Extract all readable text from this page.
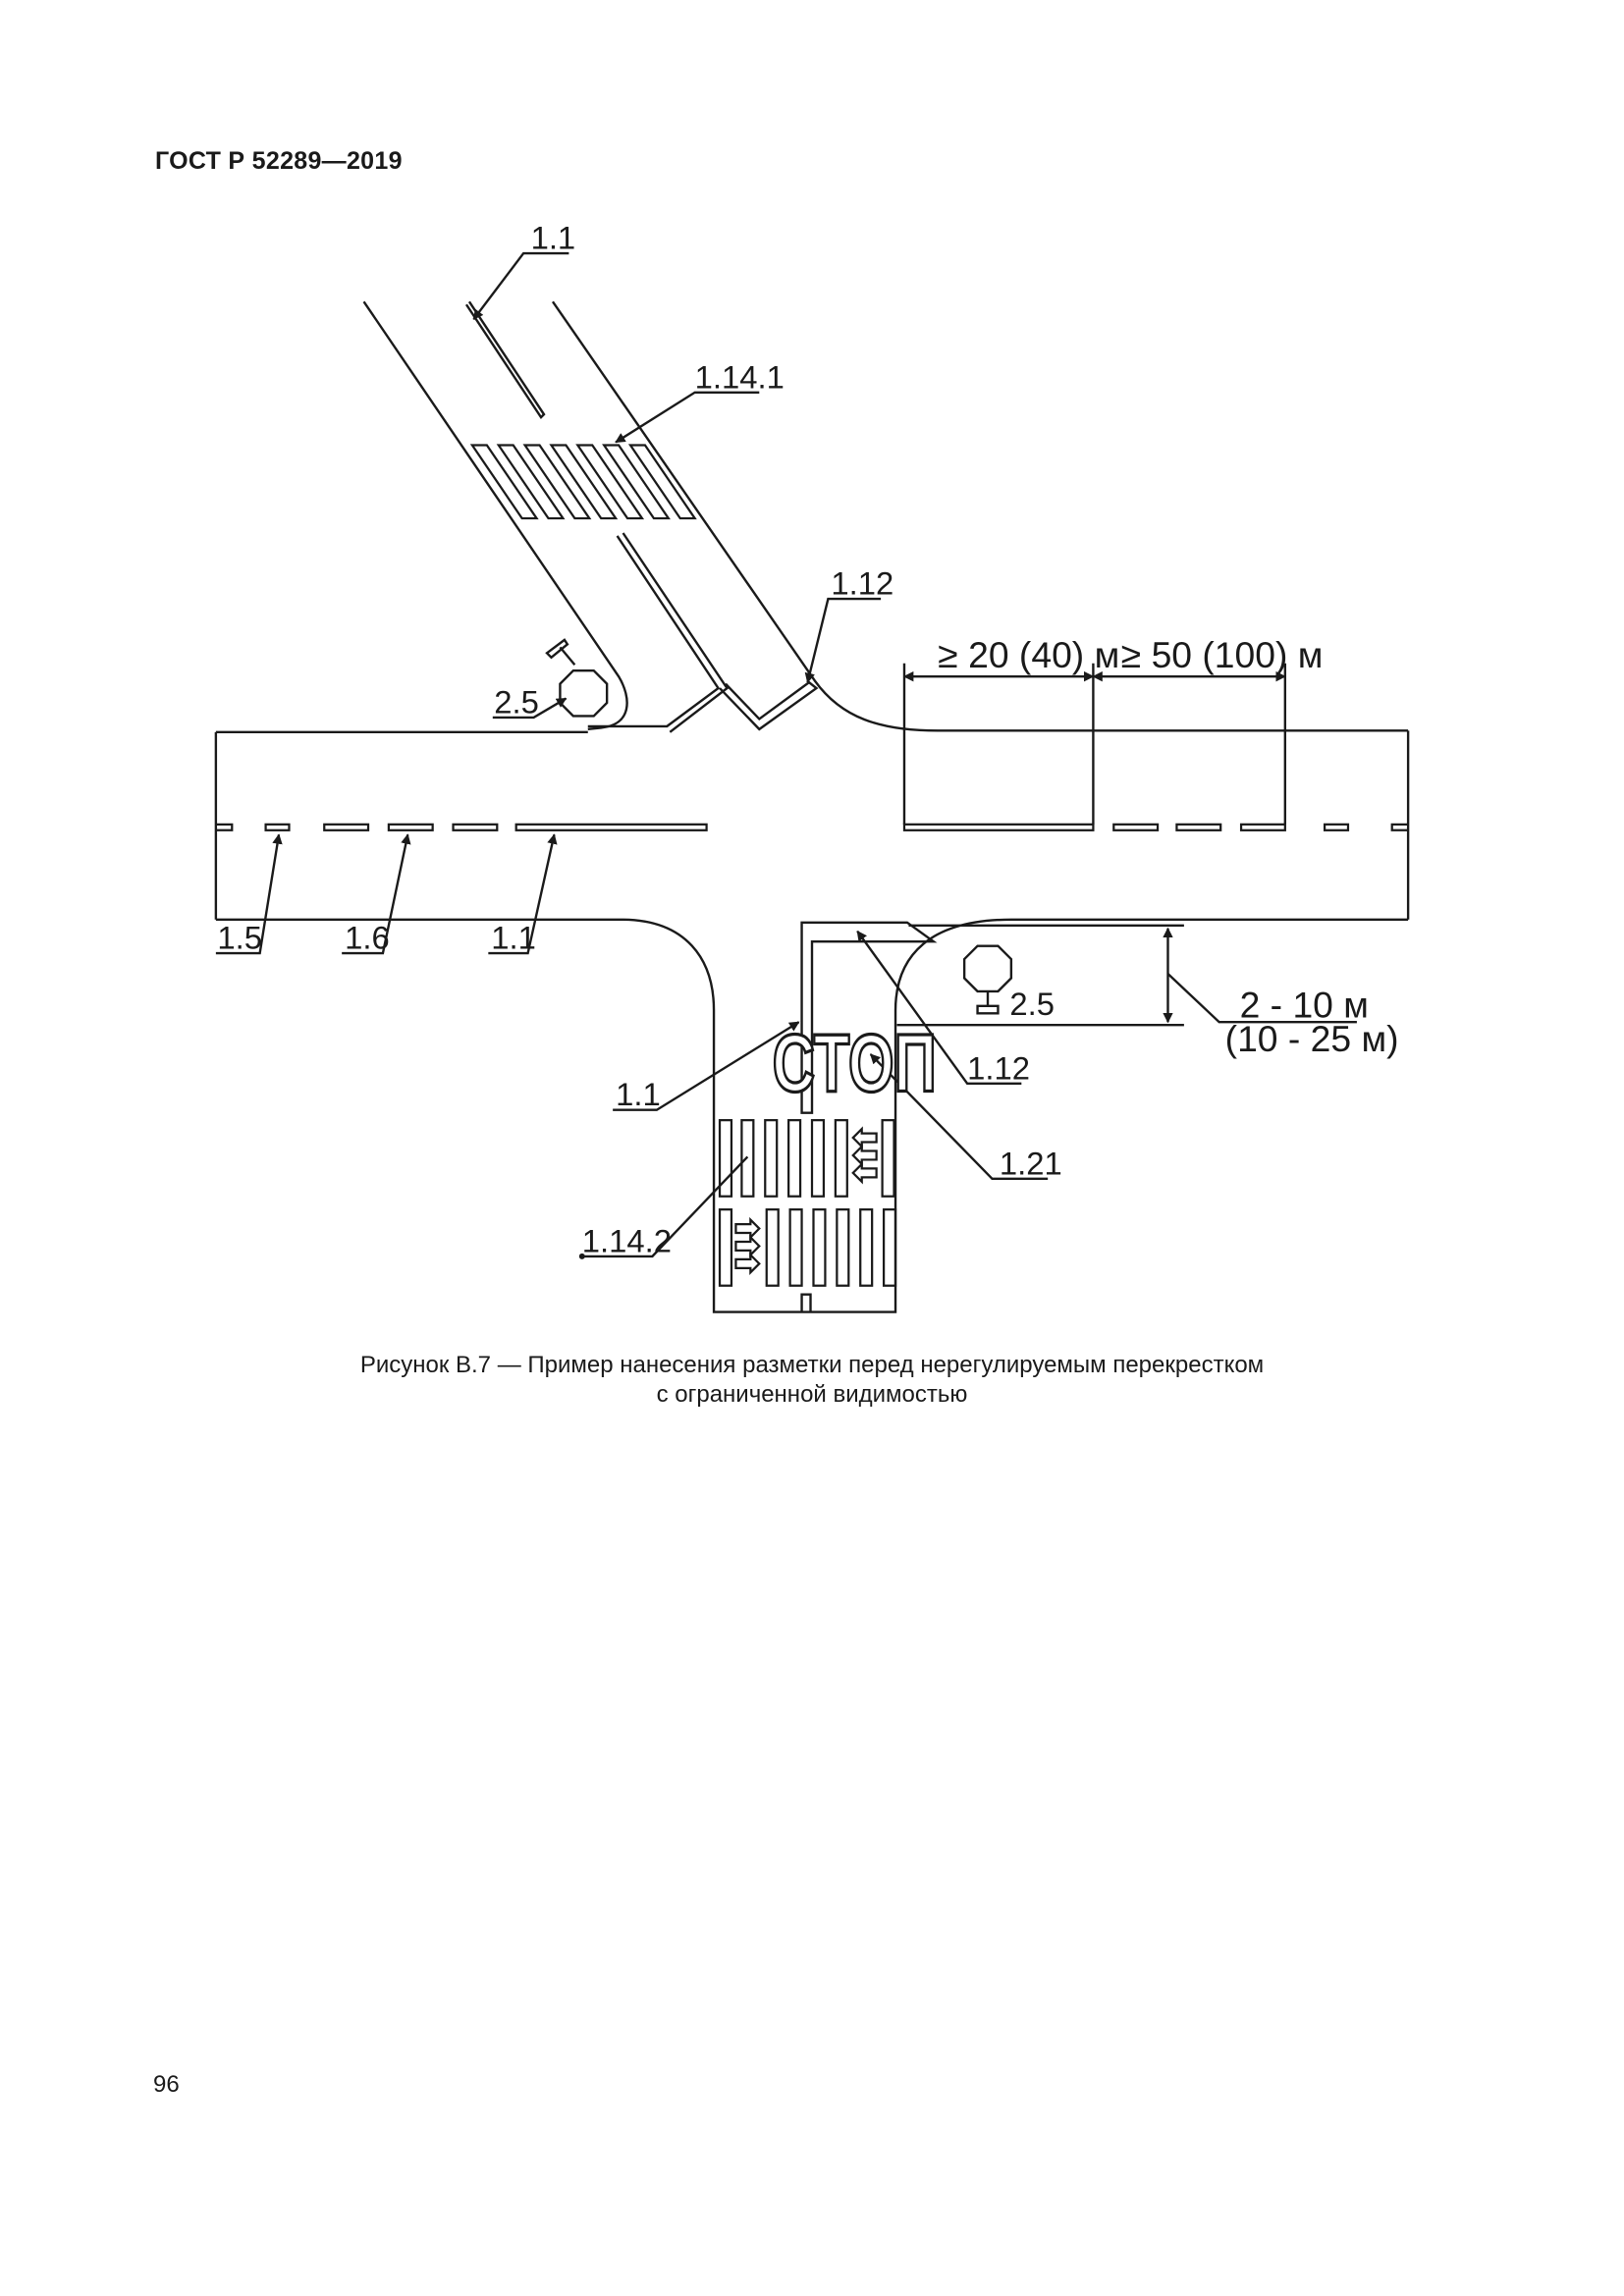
ГОСТ Р 52289—2019
СТОП
1.1
1.14.1
1.12
2.5
≥ 20 (40) м ≥ 50 (100) м
1.5	1.6	1.1
2.5	2 - 10 м
(10 - 25 м)
1.12
1.1
1.21
1.14.2
Рисунок В.7 — Пример нанесения разметки перед нерегулируемым перекрестком
с ограниченной видимостью
96
